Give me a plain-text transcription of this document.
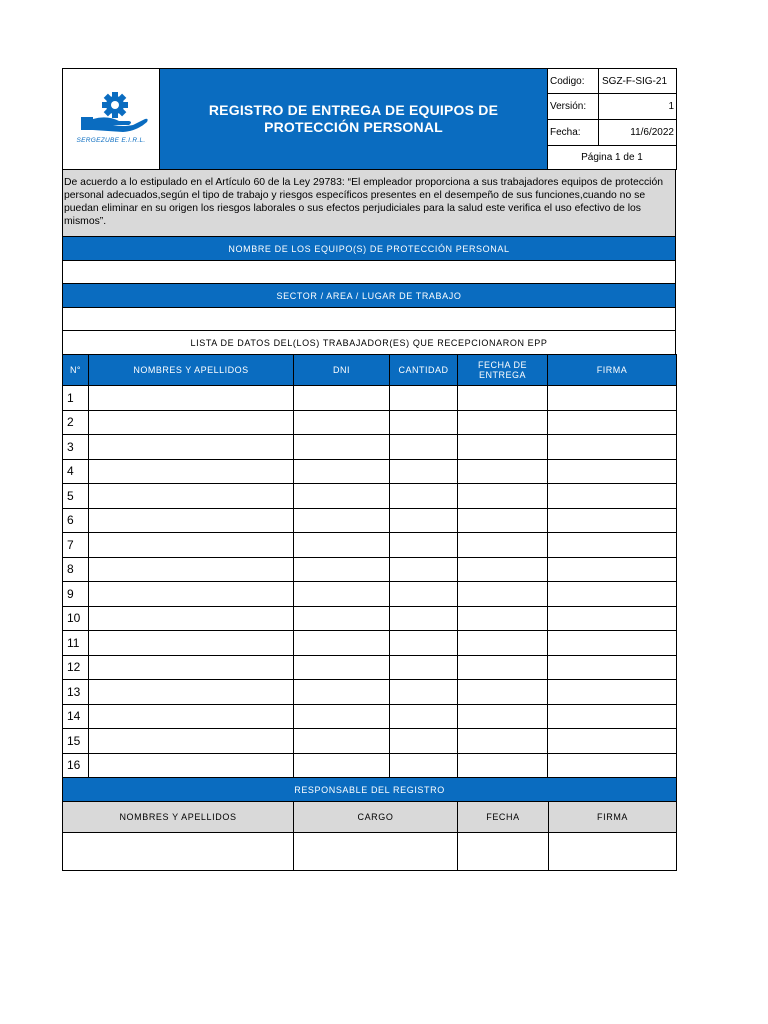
SERGEZUBE E.I.R.L.	REGISTRO DE ENTREGA DE EQUIPOS DE
PROTECCIÓN PERSONAL	Codigo:	SGZ-F-SIG-21
		Versión:	1
		Fecha:	11/6/2022
		Página 1 de 1	
De acuerdo a lo estipulado en el Artículo 60 de la Ley 29783: “El empleador proporciona a sus trabajadores equipos de protección personal adecuados,según el tipo de trabajo y riesgos específicos presentes en el desempeño de sus funciones,cuando no se puedan eliminar en su origen los riesgos laborales o sus efectos perjudiciales para la salud este verifica el uso efectivo de los mismos”.
NOMBRE DE LOS EQUIPO(S) DE PROTECCIÓN PERSONAL

SECTOR / AREA / LUGAR DE TRABAJO

LISTA DE DATOS DEL(LOS) TRABAJADOR(ES) QUE RECEPCIONARON EPP
N°	NOMBRES Y APELLIDOS	DNI	CANTIDAD	FECHA DE
ENTREGA	FIRMA
1					
2					
3					
4					
5					
6					
7					
8					
9					
10					
11					
12					
13					
14					
15					
16					
RESPONSABLE DEL REGISTRO			
NOMBRES Y APELLIDOS	CARGO	FECHA	FIRMA
